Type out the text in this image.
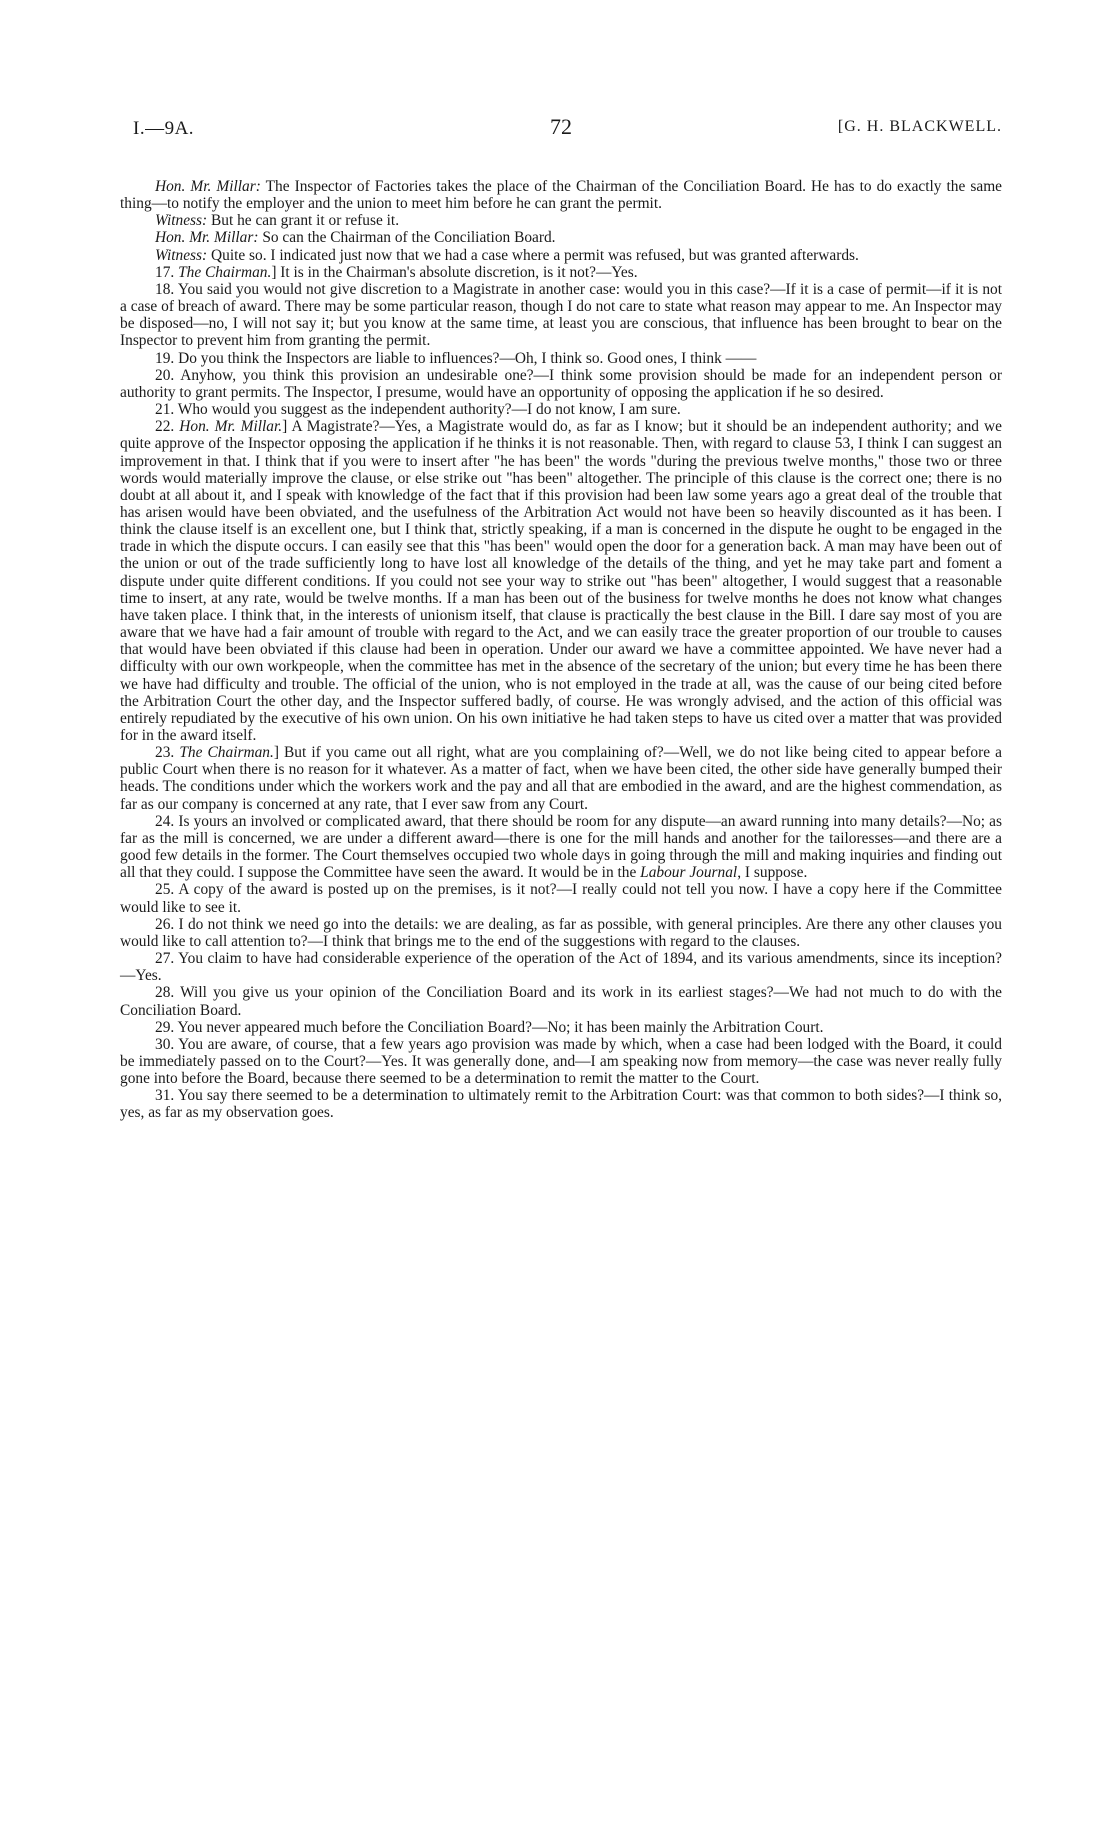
I.—9A.	72	[G. H. BLACKWELL.

Hon. Mr. Millar: The Inspector of Factories takes the place of the Chairman of the Conciliation Board. He has to do exactly the same thing—to notify the employer and the union to meet him before he can grant the permit.

Witness: But he can grant it or refuse it.

Hon. Mr. Millar: So can the Chairman of the Conciliation Board.

Witness: Quite so. I indicated just now that we had a case where a permit was refused, but was granted afterwards.

17. The Chairman.] It is in the Chairman's absolute discretion, is it not?—Yes.

18. You said you would not give discretion to a Magistrate in another case: would you in this case?—If it is a case of permit—if it is not a case of breach of award. There may be some particular reason, though I do not care to state what reason may appear to me. An Inspector may be disposed—no, I will not say it; but you know at the same time, at least you are conscious, that influence has been brought to bear on the Inspector to prevent him from granting the permit.

19. Do you think the Inspectors are liable to influences?—Oh, I think so. Good ones, I think ——

20. Anyhow, you think this provision an undesirable one?—I think some provision should be made for an independent person or authority to grant permits. The Inspector, I presume, would have an opportunity of opposing the application if he so desired.

21. Who would you suggest as the independent authority?—I do not know, I am sure.

22. Hon. Mr. Millar.] A Magistrate?—Yes, a Magistrate would do, as far as I know; but it should be an independent authority; and we quite approve of the Inspector opposing the application if he thinks it is not reasonable. Then, with regard to clause 53, I think I can suggest an improvement in that. I think that if you were to insert after "he has been" the words "during the previous twelve months," those two or three words would materially improve the clause, or else strike out "has been" altogether. The principle of this clause is the correct one; there is no doubt at all about it, and I speak with knowledge of the fact that if this provision had been law some years ago a great deal of the trouble that has arisen would have been obviated, and the usefulness of the Arbitration Act would not have been so heavily discounted as it has been. I think the clause itself is an excellent one, but I think that, strictly speaking, if a man is concerned in the dispute he ought to be engaged in the trade in which the dispute occurs. I can easily see that this "has been" would open the door for a generation back. A man may have been out of the union or out of the trade sufficiently long to have lost all knowledge of the details of the thing, and yet he may take part and foment a dispute under quite different conditions. If you could not see your way to strike out "has been" altogether, I would suggest that a reasonable time to insert, at any rate, would be twelve months. If a man has been out of the business for twelve months he does not know what changes have taken place. I think that, in the interests of unionism itself, that clause is practically the best clause in the Bill. I dare say most of you are aware that we have had a fair amount of trouble with regard to the Act, and we can easily trace the greater proportion of our trouble to causes that would have been obviated if this clause had been in operation. Under our award we have a committee appointed. We have never had a difficulty with our own workpeople, when the committee has met in the absence of the secretary of the union; but every time he has been there we have had difficulty and trouble. The official of the union, who is not employed in the trade at all, was the cause of our being cited before the Arbitration Court the other day, and the Inspector suffered badly, of course. He was wrongly advised, and the action of this official was entirely repudiated by the executive of his own union. On his own initiative he had taken steps to have us cited over a matter that was provided for in the award itself.

23. The Chairman.] But if you came out all right, what are you complaining of?—Well, we do not like being cited to appear before a public Court when there is no reason for it whatever. As a matter of fact, when we have been cited, the other side have generally bumped their heads. The conditions under which the workers work and the pay and all that are embodied in the award, and are the highest commendation, as far as our company is concerned at any rate, that I ever saw from any Court.

24. Is yours an involved or complicated award, that there should be room for any dispute—an award running into many details?—No; as far as the mill is concerned, we are under a different award—there is one for the mill hands and another for the tailoresses—and there are a good few details in the former. The Court themselves occupied two whole days in going through the mill and making inquiries and finding out all that they could. I suppose the Committee have seen the award. It would be in the Labour Journal, I suppose.

25. A copy of the award is posted up on the premises, is it not?—I really could not tell you now. I have a copy here if the Committee would like to see it.

26. I do not think we need go into the details: we are dealing, as far as possible, with general principles. Are there any other clauses you would like to call attention to?—I think that brings me to the end of the suggestions with regard to the clauses.

27. You claim to have had considerable experience of the operation of the Act of 1894, and its various amendments, since its inception?—Yes.

28. Will you give us your opinion of the Conciliation Board and its work in its earliest stages?—We had not much to do with the Conciliation Board.

29. You never appeared much before the Conciliation Board?—No; it has been mainly the Arbitration Court.

30. You are aware, of course, that a few years ago provision was made by which, when a case had been lodged with the Board, it could be immediately passed on to the Court?—Yes. It was generally done, and—I am speaking now from memory—the case was never really fully gone into before the Board, because there seemed to be a determination to remit the matter to the Court.

31. You say there seemed to be a determination to ultimately remit to the Arbitration Court: was that common to both sides?—I think so, yes, as far as my observation goes.
